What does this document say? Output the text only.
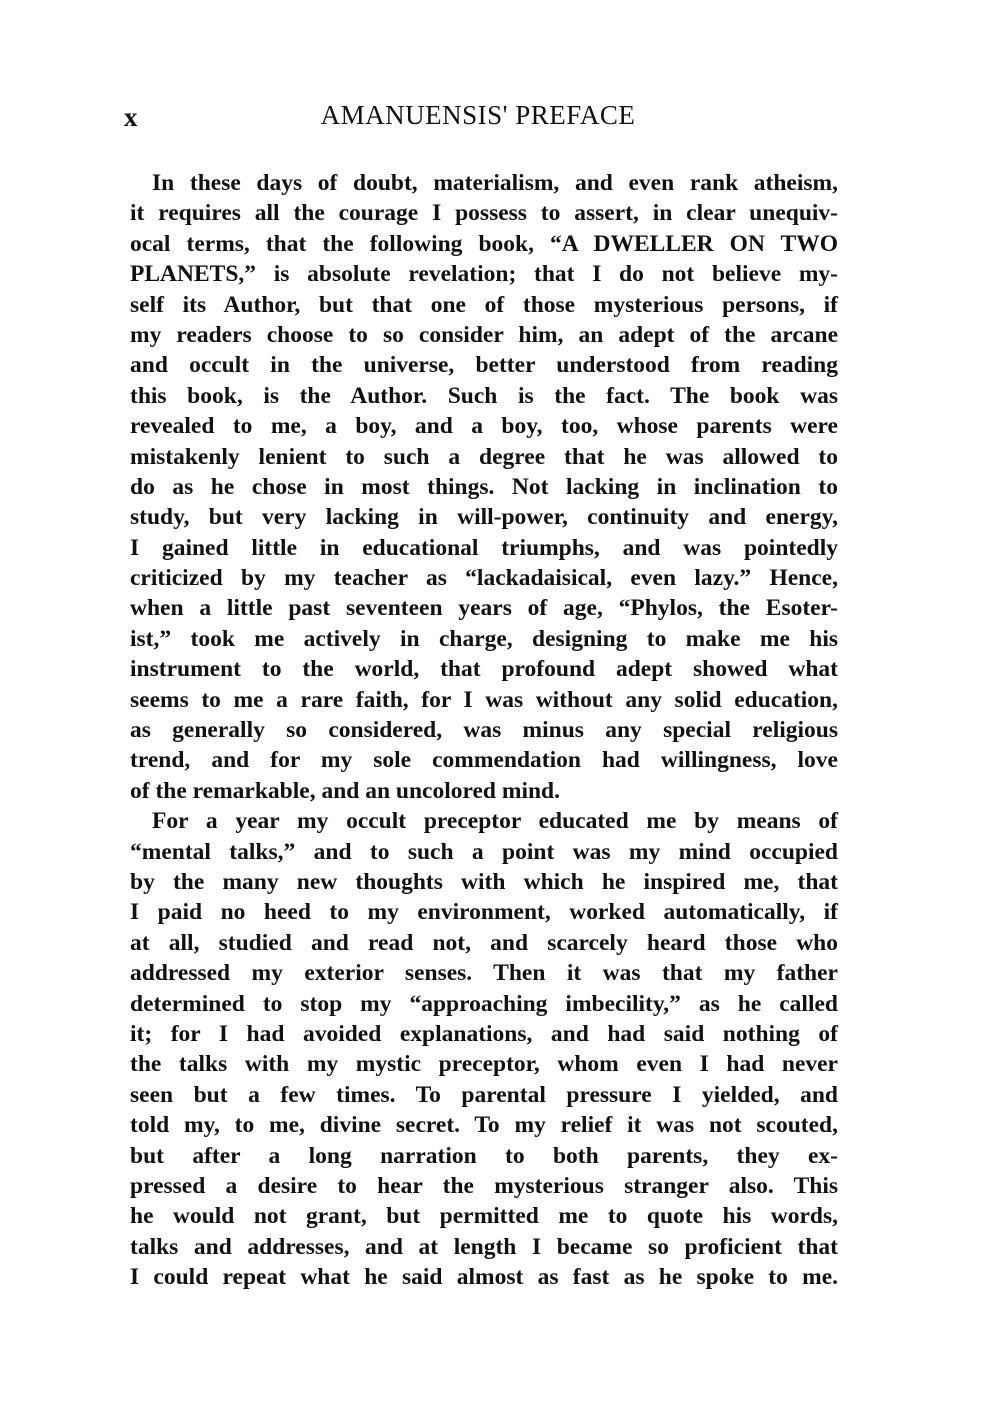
x	AMANUENSIS' PREFACE
In these days of doubt, materialism, and even rank atheism,
it requires all the courage I possess to assert, in clear unequiv-
ocal terms, that the following book, “A DWELLER ON TWO
PLANETS,” is absolute revelation; that I do not believe my-
self its Author, but that one of those mysterious persons, if
my readers choose to so consider him, an adept of the arcane
and occult in the universe, better understood from reading
this book, is the Author. Such is the fact. The book was
revealed to me, a boy, and a boy, too, whose parents were
mistakenly lenient to such a degree that he was allowed to
do as he chose in most things. Not lacking in inclination to
study, but very lacking in will-power, continuity and energy,
I gained little in educational triumphs, and was pointedly
criticized by my teacher as “lackadaisical, even lazy.” Hence,
when a little past seventeen years of age, “Phylos, the Esoter-
ist,” took me actively in charge, designing to make me his
instrument to the world, that profound adept showed what
seems to me a rare faith, for I was without any solid education,
as generally so considered, was minus any special religious
trend, and for my sole commendation had willingness, love
of the remarkable, and an uncolored mind.
For a year my occult preceptor educated me by means of
“mental talks,” and to such a point was my mind occupied
by the many new thoughts with which he inspired me, that
I paid no heed to my environment, worked automatically, if
at all, studied and read not, and scarcely heard those who
addressed my exterior senses. Then it was that my father
determined to stop my “approaching imbecility,” as he called
it; for I had avoided explanations, and had said nothing of
the talks with my mystic preceptor, whom even I had never
seen but a few times. To parental pressure I yielded, and
told my, to me, divine secret. To my relief it was not scouted,
but after a long narration to both parents, they ex-
pressed a desire to hear the mysterious stranger also. This
he would not grant, but permitted me to quote his words,
talks and addresses, and at length I became so proficient that
I could repeat what he said almost as fast as he spoke to me.
